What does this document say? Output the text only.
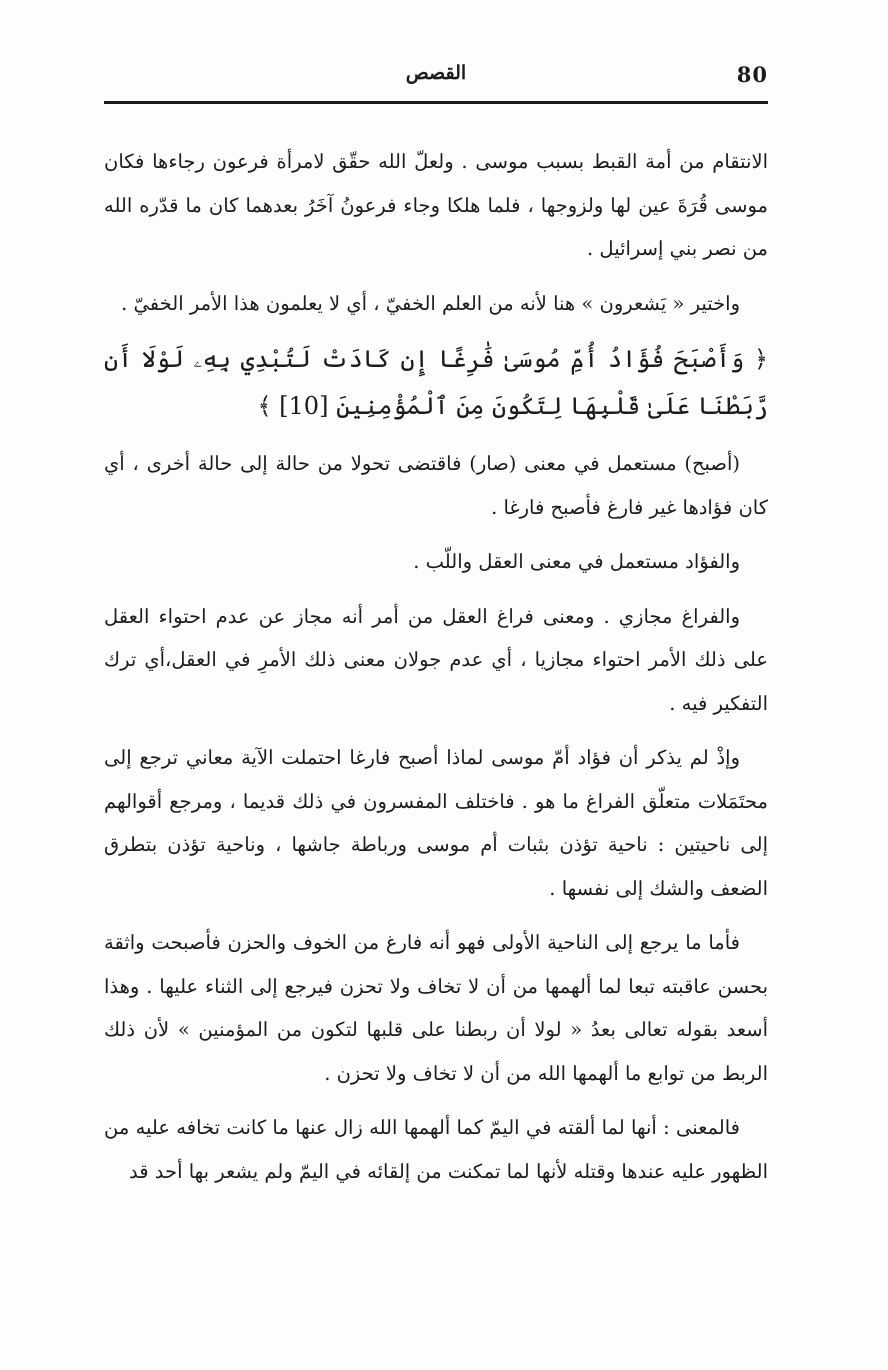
80
القصص

الانتقام من أمة القبط بسبب موسى . ولعلّ الله حقّق لامرأة فرعون رجاءها فكان موسى قُرَةَ عين لها ولزوجها ، فلما هلكا وجاء فرعونُ آخَرُ بعدهما كان ما قدّره الله من نصر بني إسرائيل .

واختير « يَشعرون » هنا لأنه من العلم الخفيّ ، أي لا يعلمون هذا الأمر الخفيّ .

﴿ وَأَصْبَحَ فُؤَادُ أُمِّ مُوسَىٰ فَٰرِغًا إِن كَادَتْ لَتُبْدِي بِهِۦ لَوْلَا أَن رَّبَطْنَا عَلَىٰ قَلْبِهَا لِتَكُونَ مِنَ ٱلْمُؤْمِنِينَ [10] ﴾

(أصبح) مستعمل في معنى (صار) فاقتضى تحولا من حالة إلى حالة أخرى ، أي كان فؤادها غير فارغ فأصبح فارغا .

والفؤاد مستعمل في معنى العقل واللّب .

والفراغ مجازي . ومعنى فراغ العقل من أمر أنه مجاز عن عدم احتواء العقل على ذلك الأمر احتواء مجازيا ، أي عدم جولان معنى ذلك الأمرِ في العقل،أي ترك التفكير فيه .

وإذْ لم يذكر أن فؤاد أمّ موسى لماذا أصبح فارغا احتملت الآية معاني ترجع إلى محتَمَلات متعلّق الفراغ ما هو . فاختلف المفسرون في ذلك قديما ، ومرجع أقوالهم إلى ناحيتين : ناحية تؤذن بثبات أم موسى ورباطة جاشها ، وناحية تؤذن بتطرق الضعف والشك إلى نفسها .

فأما ما يرجع إلى الناحية الأولى فهو أنه فارغ من الخوف والحزن فأصبحت واثقة بحسن عاقبته تبعا لما ألهمها من أن لا تخاف ولا تحزن فيرجع إلى الثناء عليها . وهذا أسعد بقوله تعالى بعدُ « لولا أن ربطنا على قلبها لتكون من المؤمنين » لأن ذلك الربط من توابع ما ألهمها الله من أن لا تخاف ولا تحزن .

فالمعنى : أنها لما ألقته في اليمّ كما ألهمها الله زال عنها ما كانت تخافه عليه من الظهور عليه عندها وقتله لأنها لما تمكنت من إلقائه في اليمّ ولم يشعر بها أحد قد
